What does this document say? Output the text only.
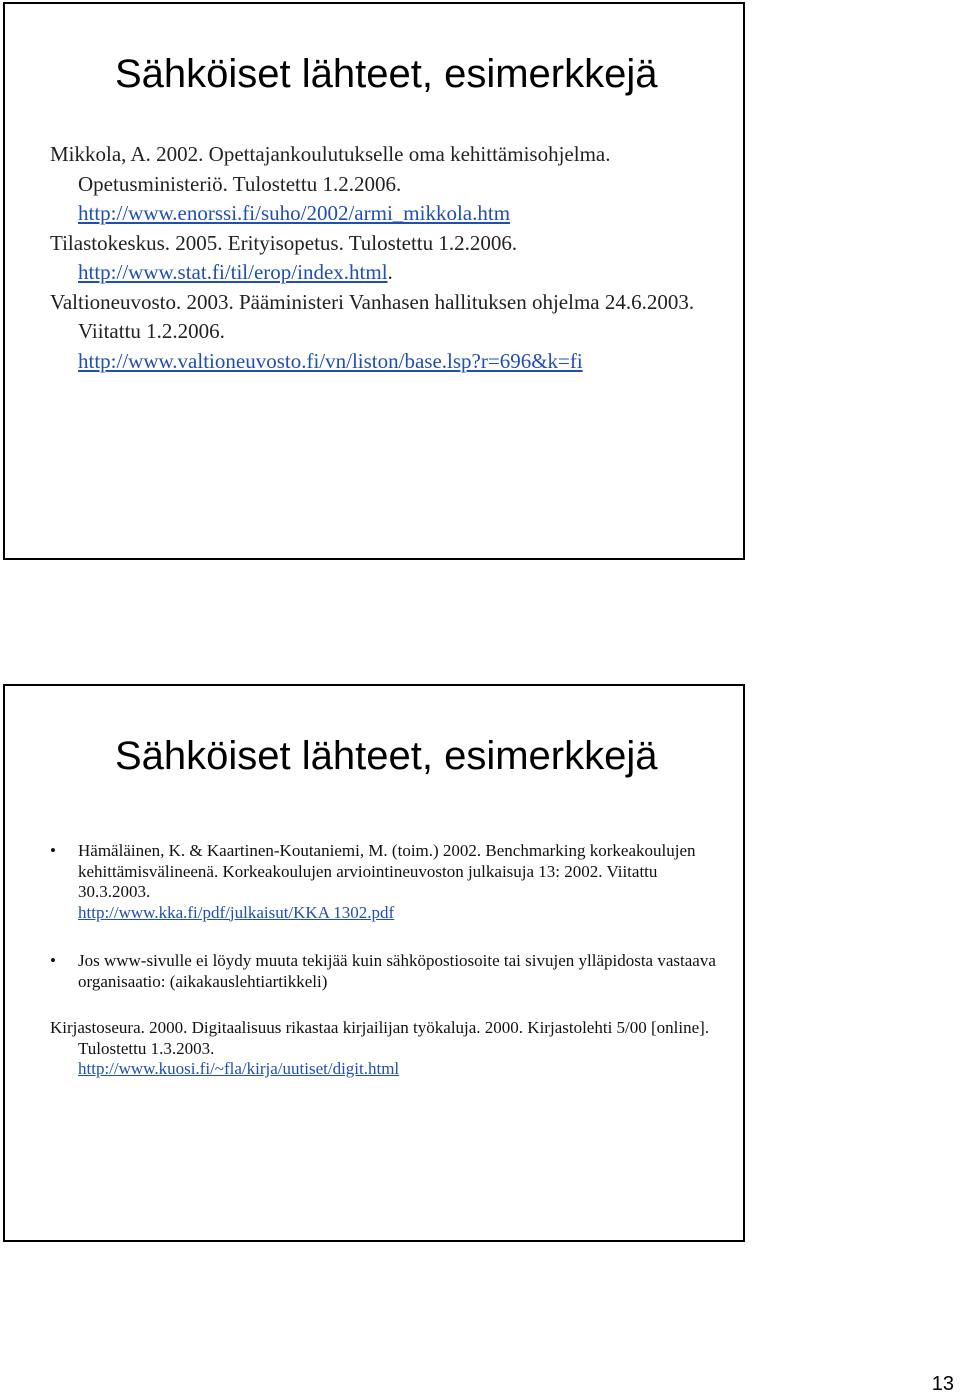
Sähköiset lähteet, esimerkkejä
Mikkola, A. 2002. Opettajankoulutukselle oma kehittämisohjelma. Opetusministeriö. Tulostettu 1.2.2006.
http://www.enorssi.fi/suho/2002/armi_mikkola.htm
Tilastokeskus. 2005. Erityisopetus. Tulostettu 1.2.2006.
http://www.stat.fi/til/erop/index.html.
Valtioneuvosto. 2003. Pääministeri Vanhasen hallituksen ohjelma 24.6.2003. Viitattu 1.2.2006.
http://www.valtioneuvosto.fi/vn/liston/base.lsp?r=696&k=fi
Sähköiset lähteet, esimerkkejä
• Hämäläinen, K. & Kaartinen-Koutaniemi, M. (toim.) 2002. Benchmarking korkeakoulujen kehittämisvälineenä. Korkeakoulujen arviointineuvoston julkaisuja 13: 2002. Viitattu 30.3.2003.
http://www.kka.fi/pdf/julkaisut/KKA 1302.pdf
• Jos www-sivulle ei löydy muuta tekijää kuin sähköpostiosoite tai sivujen ylläpidosta vastaava organisaatio: (aikakauslehtiartikkeli)
Kirjastoseura. 2000. Digitaalisuus rikastaa kirjailijan työkaluja. 2000. Kirjastolehti 5/00 [online]. Tulostettu 1.3.2003.
http://www.kuosi.fi/~fla/kirja/uutiset/digit.html
13
